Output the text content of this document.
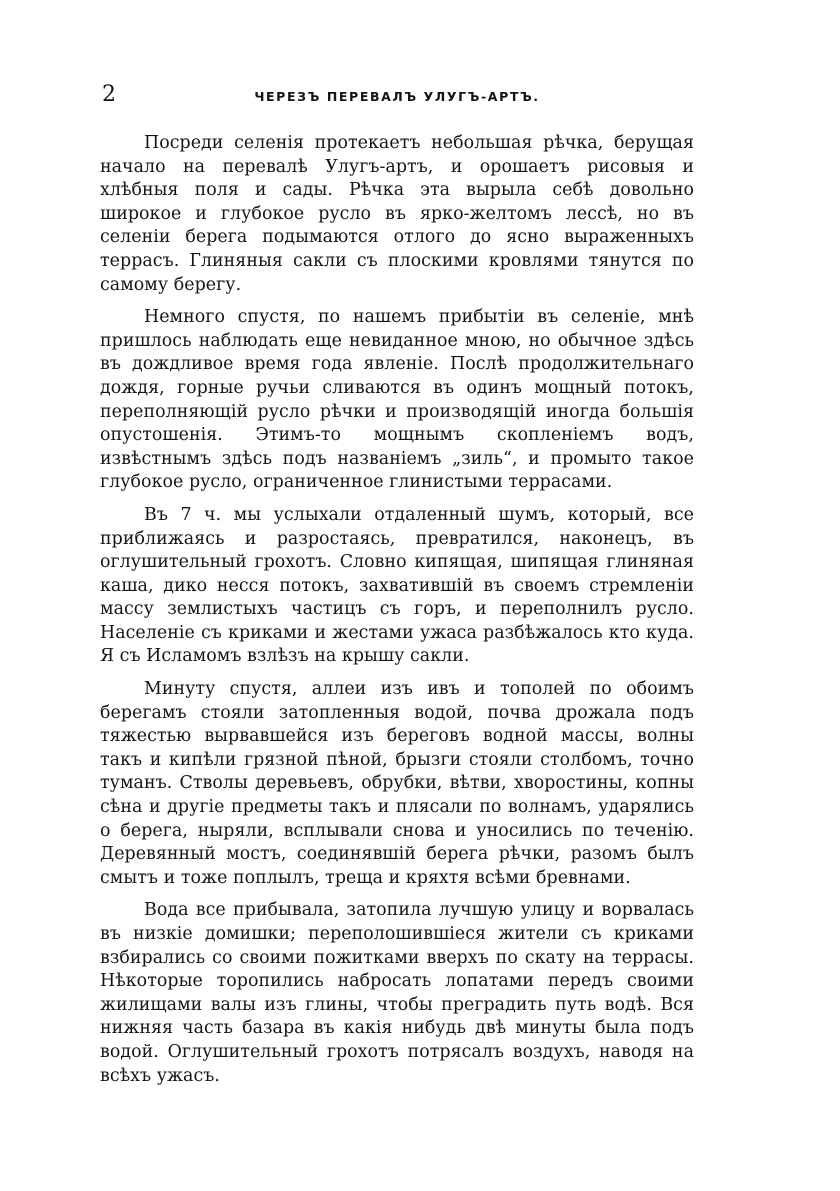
2	ЧЕРЕЗЪ ПЕРЕВАЛЪ УЛУГЪ-АРТЪ.

Посреди селенія протекаетъ небольшая рѣчка, берущая начало на перевалѣ Улугъ-артъ, и орошаетъ рисовыя и хлѣбныя поля и сады. Рѣчка эта вырыла себѣ довольно широкое и глубокое русло въ ярко-желтомъ лессѣ, но въ селеніи берега подымаются отлого до ясно выраженныхъ террасъ. Глиняныя сакли съ плоскими кровлями тянутся по самому берегу.

Немного спустя, по нашемъ прибытіи въ селеніе, мнѣ пришлось наблюдать еще невиданное мною, но обычное здѣсь въ дождливое время года явленіе. Послѣ продолжительнаго дождя, горные ручьи сливаются въ одинъ мощный потокъ, переполняющій русло рѣчки и производящій иногда большія опустошенія. Этимъ-то мощнымъ скопленіемъ водъ, извѣстнымъ здѣсь подъ названіемъ „зиль“, и промыто такое глубокое русло, ограниченное глинистыми террасами.

Въ 7 ч. мы услыхали отдаленный шумъ, который, все приближаясь и разростаясь, превратился, наконецъ, въ оглушительный грохотъ. Словно кипящая, шипящая глиняная каша, дико несся потокъ, захватившій въ своемъ стремленіи массу землистыхъ частицъ съ горъ, и переполнилъ русло. Населеніе съ криками и жестами ужаса разбѣжалось кто куда. Я съ Исламомъ взлѣзъ на крышу сакли.

Минуту спустя, аллеи изъ ивъ и тополей по обоимъ берегамъ стояли затопленныя водой, почва дрожала подъ тяжестью вырвавшейся изъ береговъ водной массы, волны такъ и кипѣли грязной пѣной, брызги стояли столбомъ, точно туманъ. Стволы деревьевъ, обрубки, вѣтви, хворостины, копны сѣна и другіе предметы такъ и плясали по волнамъ, ударялись о берега, ныряли, всплывали снова и уносились по теченію. Деревянный мостъ, соединявшій берега рѣчки, разомъ былъ смытъ и тоже поплылъ, треща и кряхтя всѣми бревнами.

Вода все прибывала, затопила лучшую улицу и ворвалась въ низкіе домишки; переполошившіеся жители съ криками взбирались со своими пожитками вверхъ по скату на террасы. Нѣкоторые торопились набросать лопатами передъ своими жилищами валы изъ глины, чтобы преградить путь водѣ. Вся нижняя часть базара въ какія нибудь двѣ минуты была подъ водой. Оглушительный грохотъ потрясалъ воздухъ, наводя на всѣхъ ужасъ.
